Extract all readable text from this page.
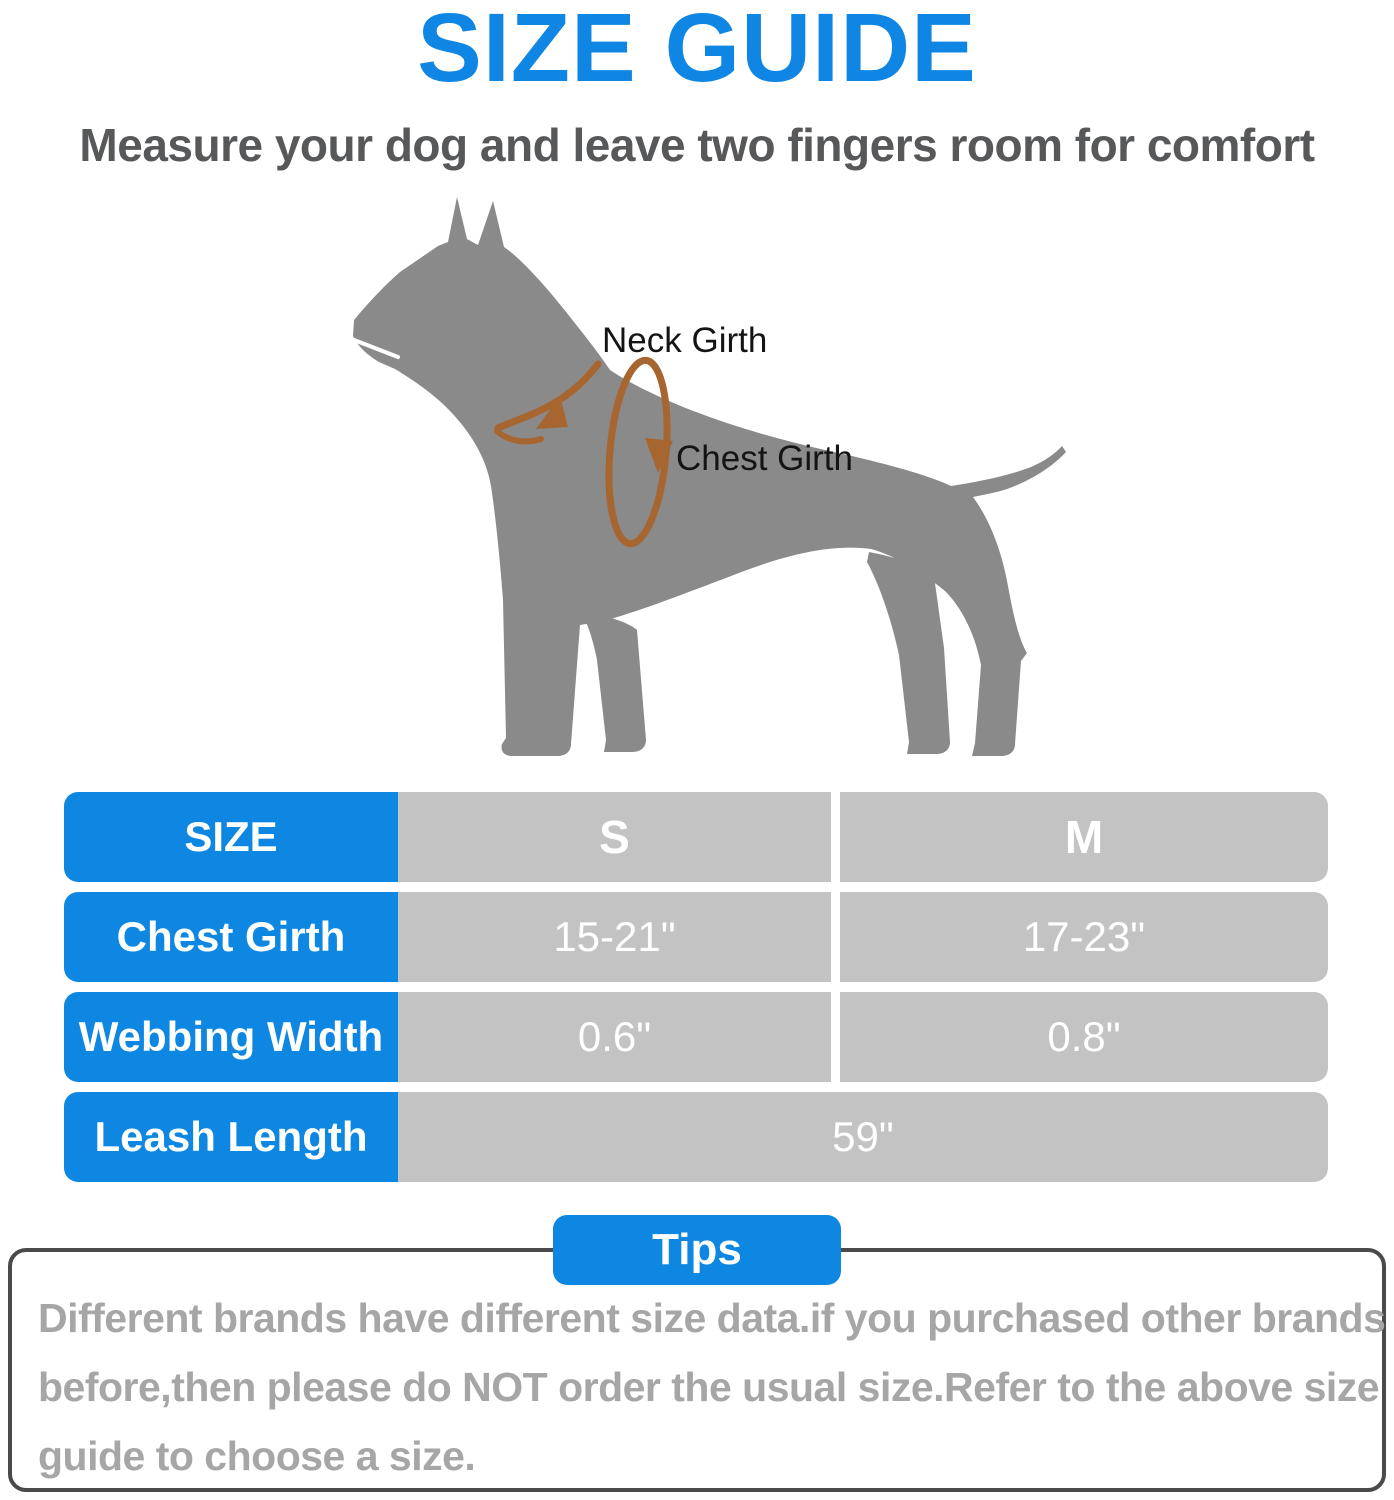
SIZE GUIDE
Measure your dog and leave two fingers room for comfort
Neck Girth
Chest Girth
SIZE	S	M
Chest Girth	15-21"	17-23"
Webbing Width	0.6"	0.8"
Leash Length	59"
Tips
Different brands have different size data.if you purchased other brands
before,then please do NOT order the usual size.Refer to the above size
guide to choose a size.
